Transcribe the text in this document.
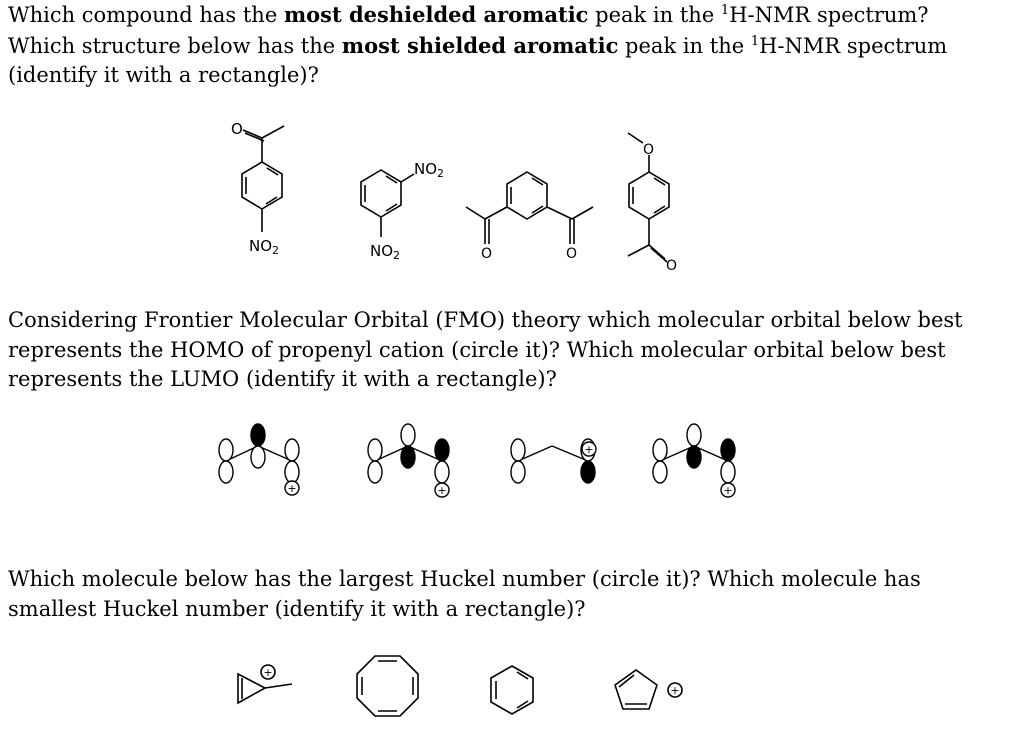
Which compound has the most deshielded aromatic peak in the $^1$H-NMR spectrum?
Which structure below has the most shielded aromatic peak in the $^1$H-NMR spectrum
(identify it with a rectangle)?
O
$NO_2$
$NO_2$
$NO_2$	O	O
O
O
Considering Frontier Molecular Orbital (FMO) theory which molecular orbital below best
represents the HOMO of propenyl cation (circle it)? Which molecular orbital below best
represents the LUMO (identify it with a rectangle)?
+	+
+
+
Which molecule below has the largest Huckel number (circle it)? Which molecule has
smallest Huckel number (identify it with a rectangle)?
+
+
